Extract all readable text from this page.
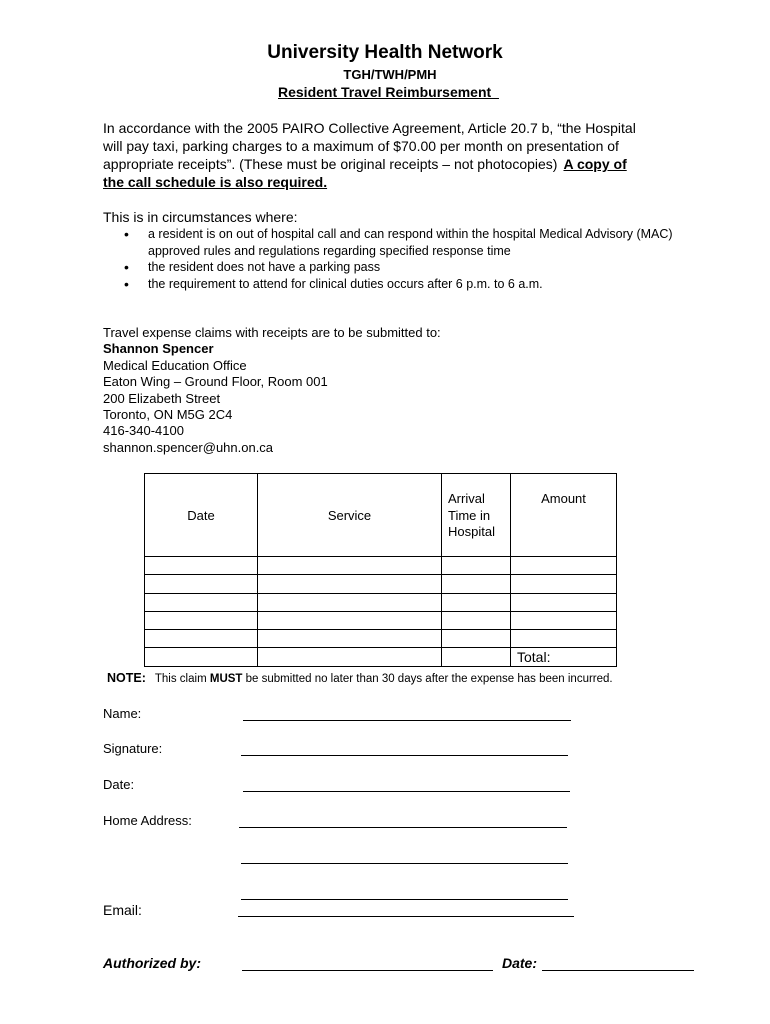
University Health Network
TGH/TWH/PMH
Resident Travel Reimbursement
In accordance with the 2005 PAIRO Collective Agreement, Article 20.7 b, “the Hospital will pay taxi, parking charges to a maximum of $70.00 per month on presentation of appropriate receipts”. (These must be original receipts – not photocopies) A copy of the call schedule is also required.
This is in circumstances where:
• a resident is on out of hospital call and can respond within the hospital Medical Advisory (MAC) approved rules and regulations regarding specified response time
• the resident does not have a parking pass
• the requirement to attend for clinical duties occurs after 6 p.m. to 6 a.m.
Travel expense claims with receipts are to be submitted to:
Shannon Spencer
Medical Education Office
Eaton Wing – Ground Floor, Room 001
200 Elizabeth Street
Toronto, ON M5G 2C4
416-340-4100
shannon.spencer@uhn.on.ca
Date	Service	Arrival Time in Hospital	Amount

			Total:
NOTE: This claim MUST be submitted no later than 30 days after the expense has been incurred.
Name:
Signature:
Date:
Home Address:
Email:
Authorized by:	Date:
